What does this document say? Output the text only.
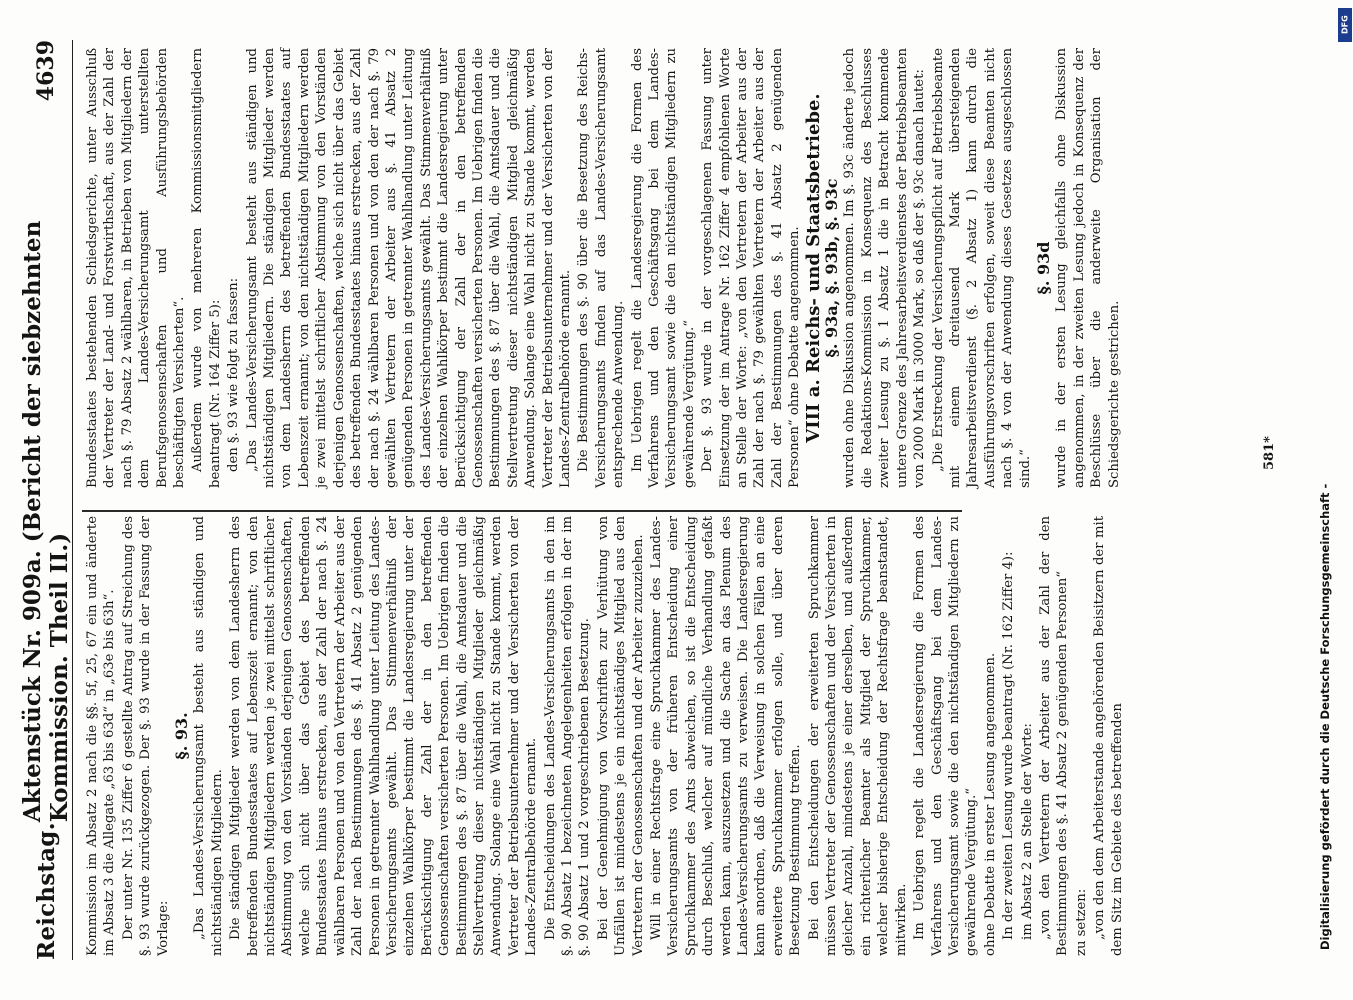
Reichstag.
Aktenstück Nr. 909a. (Bericht der siebzehnten Kommission. Theil II.)
4639

Kommission im Absatz 2 nach die §§. 5f, 25, 67 ein und änderte im Absatz 3 die Allegate „63 bis 63d“ in „63e bis 63h“. Der unter Nr. 135 Ziffer 6 gestellte Antrag auf Streichung des §. 93 wurde zurückgezogen. Der §. 93 wurde in der Fassung der Vorlage:

§. 93. „Das Landes-Versicherungsamt besteht aus ständigen und nichtständigen Mitgliedern. Die ständigen Mitglieder werden von dem Landesherrn des betreffenden Bundesstaates auf Lebenszeit ernannt; von den nichtständigen Mitgliedern werden je zwei mittelst schriftlicher Abstimmung von den Vorständen derjenigen Genossenschaften, welche sich nicht über das Gebiet des betreffenden Bundesstaates hinaus erstrecken, aus der Zahl der nach §. 24 wählbaren Personen und von den Vertretern der Arbeiter aus der Zahl der nach Bestimmungen des §. 41 Absatz 2 genügenden Personen in getrennter Wahlhandlung unter Leitung des Landes-Versicherungsamts gewählt. Das Stimmenverhältniß der einzelnen Wahlkörper bestimmt die Landesregierung unter der Berücksichtigung der Zahl der in den betreffenden Genossenschaften versicherten Personen. Im Uebrigen finden die Bestimmungen des §. 87 über die Wahl, die Amtsdauer und die Stellvertretung dieser nichtständigen Mitglieder gleichmäßig Anwendung. Solange eine Wahl nicht zu Stande kommt, werden Vertreter der Betriebsunternehmer und der Versicherten von der Landes-Zentralbehörde ernannt. Die Entscheidungen des Landes-Versicherungsamts in den im §. 90 Absatz 1 bezeichneten Angelegenheiten erfolgen in der im §. 90 Absatz 1 und 2 vorgeschriebenen Besetzung. Bei der Genehmigung von Vorschriften zur Verhütung von Unfällen ist mindestens je ein nichtständiges Mitglied aus den Vertretern der Genossenschaften und der Arbeiter zuzuziehen. Will in einer Rechtsfrage eine Spruchkammer des Landes-Versicherungsamts von der früheren Entscheidung einer Spruchkammer des Amts abweichen, so ist die Entscheidung durch Beschluß, welcher auf mündliche Verhandlung gefaßt werden kann, auszusetzen und die Sache an das Plenum des Landes-Versicherungsamts zu verweisen. Die Landesregierung kann anordnen, daß die Verweisung in solchen Fällen an eine erweiterte Spruchkammer erfolgen solle, und über deren Besetzung Bestimmung treffen. Bei den Entscheidungen der erweiterten Spruchkammer müssen Vertreter der Genossenschaften und der Versicherten in gleicher Anzahl, mindestens je einer derselben, und außerdem ein richterlicher Beamter als Mitglied der Spruchkammer, welcher bisherige Entscheidung der Rechtsfrage beanstandet, mitwirken. Im Uebrigen regelt die Landesregierung die Formen des Verfahrens und den Geschäftsgang bei dem Landes-Versicherungsamt sowie die den nichtständigen Mitgliedern zu gewährende Vergütung.“ ohne Debatte in erster Lesung angenommen. In der zweiten Lesung wurde beantragt (Nr. 162 Ziffer 4): im Absatz 2 an Stelle der Worte: „von den Vertretern der Arbeiter aus der Zahl der den Bestimmungen des §. 41 Absatz 2 genügenden Personen“ zu setzen: „von den dem Arbeiterstande angehörenden Beisitzern der mit dem Sitz im Gebiete des betreffenden

Bundesstaates bestehenden Schiedsgerichte, unter Ausschluß der Vertreter der Land- und Forstwirthschaft, aus der Zahl der nach §. 79 Absatz 2 wählbaren, in Betrieben von Mitgliedern der dem Landes-Versicherungsamt unterstellten Berufsgenossenschaften und Ausführungsbehörden beschäftigten Versicherten“. Außerdem wurde von mehreren Kommissionsmitgliedern beantragt (Nr. 164 Ziffer 5): den §. 93 wie folgt zu fassen: „Das Landes-Versicherungsamt besteht aus ständigen und nichtständigen Mitgliedern. Die ständigen Mitglieder werden von dem Landesherrn des betreffenden Bundesstaates auf Lebenszeit ernannt; von den nichtständigen Mitgliedern werden je zwei mittelst schriftlicher Abstimmung von den Vorständen derjenigen Genossenschaften, welche sich nicht über das Gebiet des betreffenden Bundesstaates hinaus erstrecken, aus der Zahl der nach §. 24 wählbaren Personen und von den der nach §. 79 gewählten Vertretern der Arbeiter aus §. 41 Absatz 2 genügenden Personen in getrennter Wahlhandlung unter Leitung des Landes-Versicherungsamts gewählt. Das Stimmenverhältniß der einzelnen Wahlkörper bestimmt die Landesregierung unter Berücksichtigung der Zahl der in den betreffenden Genossenschaften versicherten Personen. Im Uebrigen finden die Bestimmungen des §. 87 über die Wahl, die Amtsdauer und die Stellvertretung dieser nichtständigen Mitglied gleichmäßig Anwendung. Solange eine Wahl nicht zu Stande kommt, werden Vertreter der Betriebsunternehmer und der Versicherten von der Landes-Zentralbehörde ernannt. Die Bestimmungen des §. 90 über die Besetzung des Reichs-Versicherungsamts finden auf das Landes-Versicherungsamt entsprechende Anwendung. Im Uebrigen regelt die Landesregierung die Formen des Verfahrens und den Geschäftsgang bei dem Landes-Versicherungsamt sowie die den nichtständigen Mitgliedern zu gewährende Vergütung.“ Der §. 93 wurde in der vorgeschlagenen Fassung unter Einsetzung der im Antrage Nr. 162 Ziffer 4 empfohlenen Worte an Stelle der Worte: „von den Vertretern der Arbeiter aus der Zahl der nach §. 79 gewählten Vertretern der Arbeiter aus der Zahl der Bestimmungen des §. 41 Absatz 2 genügenden Personen“ ohne Debatte angenommen. VIII a. Reichs- und Staatsbetriebe.

§. 93a, §. 93b, §. 93c wurden ohne Diskussion angenommen. Im §. 93c änderte jedoch die Redaktions-Kommission in Konsequenz des Beschlusses zweiter Lesung zu §. 1 Absatz 1 die in Betracht kommende untere Grenze des Jahresarbeitsverdienstes der Betriebsbeamten von 2000 Mark in 3000 Mark, so daß der §. 93c danach lautet: „Die Erstreckung der Versicherungspflicht auf Betriebsbeamte mit einem dreitausend Mark übersteigenden Jahresarbeitsverdienst (§. 2 Absatz 1) kann durch die Ausführungsvorschriften erfolgen, soweit diese Beamten nicht nach §. 4 von der Anwendung dieses Gesetzes ausgeschlossen sind.“

§. 93d wurde in der ersten Lesung gleichfalls ohne Diskussion angenommen, in der zweiten Lesung jedoch in Konsequenz der Beschlüsse über die anderweite Organisation der Schiedsgerichte gestrichen.

DFG
Digitalisierung gefördert durch die Deutsche Forschungsgemeinschaft -
581*
